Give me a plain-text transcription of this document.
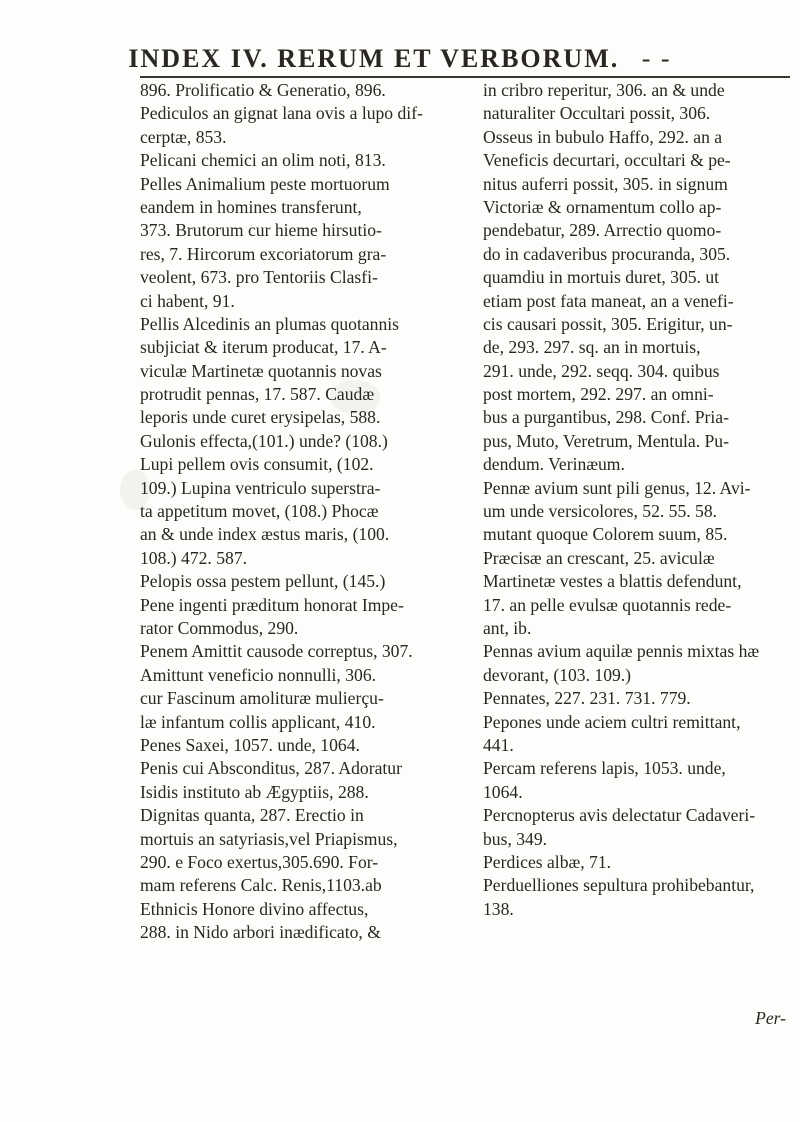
INDEX IV. RERUM ET VERBORUM. - -
896. Prolificatio & Generatio, 896.
Pediculos an gignat lana ovis a lupo dif-
cerptæ, 853.
Pelicani chemici an olim noti, 813.
Pelles Animalium peste mortuorum
eandem in homines transferunt,
373. Brutorum cur hieme hirsutio-
res, 7. Hircorum excoriatorum gra-
veolent, 673. pro Tentoriis Clasfi-
ci habent, 91.
Pellis Alcedinis an plumas quotannis
subjiciat & iterum producat, 17. A-
viculæ Martinetæ quotannis novas
protrudit pennas, 17. 587. Caudæ
leporis unde curet erysipelas, 588.
Gulonis effecta,(101.) unde? (108.)
Lupi pellem ovis consumit, (102.
109.) Lupina ventriculo superstra-
ta appetitum movet, (108.) Phocæ
an & unde index æstus maris, (100.
108.) 472. 587.
Pelopis ossa pestem pellunt, (145.)
Pene ingenti præditum honorat Impe-
rator Commodus, 290.
Penem Amittit causode correptus, 307.
Amittunt veneficio nonnulli, 306.
cur Fascinum amolituræ mulierçu-
læ infantum collis applicant, 410.
Penes Saxei, 1057. unde, 1064.
Penis cui Absconditus, 287. Adoratur
Isidis instituto ab Ægyptiis, 288.
Dignitas quanta, 287. Erectio in
mortuis an satyriasis,vel Priapismus,
290. e Foco exertus,305.690. For-
mam referens Calc. Renis,1103.ab
Ethnicis Honore divino affectus,
288. in Nido arbori inædificato, &
in cribro reperitur, 306. an & unde
naturaliter Occultari possit, 306.
Osseus in bubulo Haffo, 292. an a
Veneficis decurtari, occultari & pe-
nitus auferri possit, 305. in signum
Victoriæ & ornamentum collo ap-
pendebatur, 289. Arrectio quomo-
do in cadaveribus procuranda, 305.
quamdiu in mortuis duret, 305. ut
etiam post fata maneat, an a venefi-
cis causari possit, 305. Erigitur, un-
de, 293. 297. sq. an in mortuis,
291. unde, 292. seqq. 304. quibus
post mortem, 292. 297. an omni-
bus a purgantibus, 298. Conf. Pria-
pus, Muto, Veretrum, Mentula. Pu-
dendum. Verinæum.
Pennæ avium sunt pili genus, 12. Avi-
um unde versicolores, 52. 55. 58.
mutant quoque Colorem suum, 85.
Præcisæ an crescant, 25. aviculæ
Martinetæ vestes a blattis defendunt,
17. an pelle evulsæ quotannis rede-
ant, ib.
Pennas avium aquilæ pennis mixtas hæ
devorant, (103. 109.)
Pennates, 227. 231. 731. 779.
Pepones unde aciem cultri remittant,
441.
Percam referens lapis, 1053. unde,
1064.
Percnopterus avis delectatur Cadaveri-
bus, 349.
Perdices albæ, 71.
Perduelliones sepultura prohibebantur,
138.
Per-
